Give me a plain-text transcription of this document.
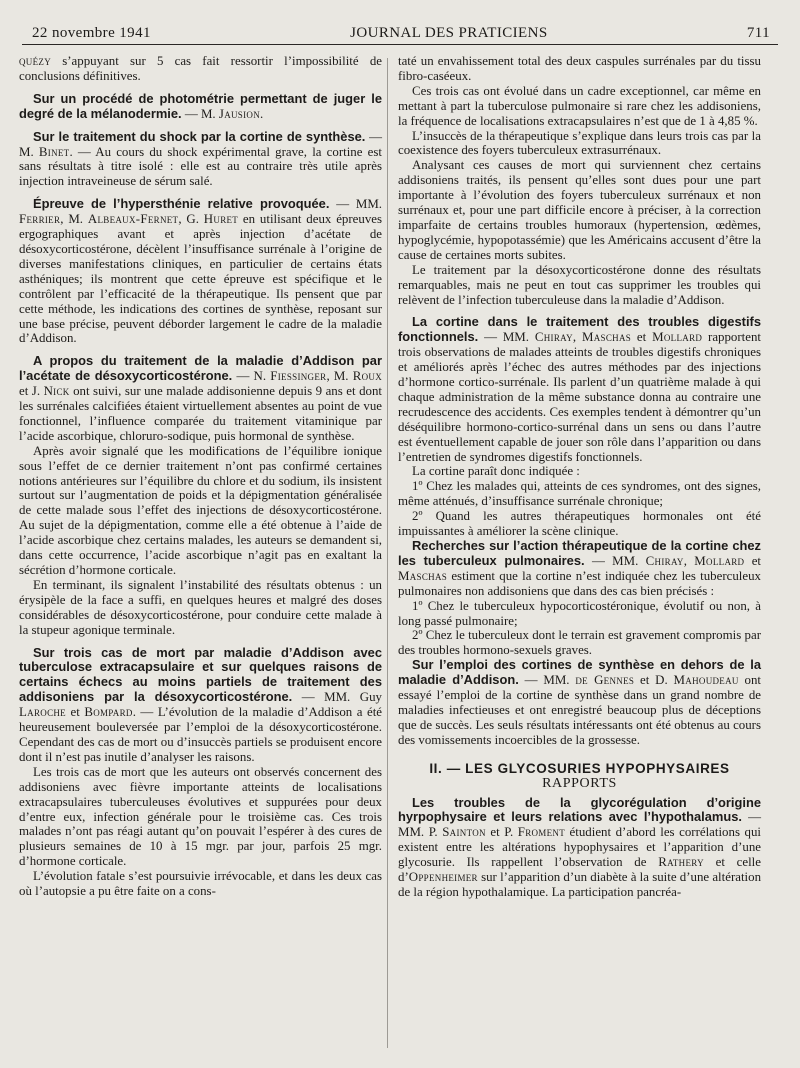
22 novembre 1941	JOURNAL DES PRATICIENS	711

quézy s’appuyant sur 5 cas fait ressortir l’impossibilité de conclusions définitives.

Sur un procédé de photométrie permettant de juger le degré de la mélanodermie. — M. Jausion.

Sur le traitement du shock par la cortine de synthèse. — M. Binet. — Au cours du shock expérimental grave, la cortine est sans résultats à titre isolé : elle est au contraire très utile après injection intraveineuse de sérum salé.

Épreuve de l’hypersthénie relative provoquée. — MM. Ferrier, M. Albeaux-Fernet, G. Huret en utilisant deux épreuves ergographiques avant et après injection d’acétate de désoxycorticostérone, décèlent l’insuffisance surrénale à l’origine de diverses manifestations cliniques, en particulier de certains états asthéniques; ils montrent que cette épreuve est spécifique et le contrôlent par l’efficacité de la thérapeutique. Ils pensent que par cette méthode, les indications des cortines de synthèse, reposant sur une base précise, peuvent déborder largement le cadre de la maladie d’Addison.

A propos du traitement de la maladie d’Addison par l’acétate de désoxycorticostérone. — N. Fiessinger, M. Roux et J. Nick ont suivi, sur une malade addisonienne depuis 9 ans et dont les surrénales calcifiées étaient virtuellement absentes au point de vue fonctionnel, l’influence comparée du traitement vitaminique par l’acide ascorbique, chloruro-sodique, puis hormonal de synthèse.

Après avoir signalé que les modifications de l’équilibre ionique sous l’effet de ce dernier traitement n’ont pas confirmé certaines notions antérieures sur l’équilibre du chlore et du sodium, ils insistent surtout sur l’augmentation de poids et la dépigmentation généralisée de cette malade sous l’effet des injections de désoxycorticostérone. Au sujet de la dépigmentation, comme elle a été obtenue à l’aide de l’acide ascorbique chez certains malades, les auteurs se demandent si, dans cette occurrence, l’acide ascorbique n’agit pas en exaltant la sécrétion d’hormone corticale.

En terminant, ils signalent l’instabilité des résultats obtenus : un érysipèle de la face a suffi, en quelques heures et malgré des doses considérables de désoxycorticostérone, pour conduire cette malade à la stupeur agonique terminale.

Sur trois cas de mort par maladie d’Addison avec tuberculose extracapsulaire et sur quelques raisons de certains échecs au moins partiels de traitement des addisoniens par la désoxycorticostérone. — MM. Guy Laroche et Bompard. — L’évolution de la maladie d’Addison a été heureusement bouleversée par l’emploi de la désoxycorticostérone. Cependant des cas de mort ou d’insuccès partiels se produisent encore dont il n’est pas inutile d’analyser les raisons.

Les trois cas de mort que les auteurs ont observés concernent des addisoniens avec fièvre importante atteints de localisations extracapsulaires tuberculeuses évolutives et suppurées pour deux d’entre eux, infection générale pour le troisième cas. Ces trois malades n’ont pas réagi autant qu’on pouvait l’espérer à des cures de plusieurs semaines de 10 à 15 mgr. par jour, parfois 25 mgr. d’hormone corticale.

L’évolution fatale s’est poursuivie irrévocable, et dans les deux cas où l’autopsie a pu être faite on a cons-

taté un envahissement total des deux caspules surrénales par du tissu fibro-caséeux.

Ces trois cas ont évolué dans un cadre exceptionnel, car même en mettant à part la tuberculose pulmonaire si rare chez les addisoniens, la fréquence de localisations extracapsulaires n’est que de 1 à 4,85 %.

L’insuccès de la thérapeutique s’explique dans leurs trois cas par la coexistence des foyers tuberculeux extrasurrénaux.

Analysant ces causes de mort qui surviennent chez certains addisoniens traités, ils pensent qu’elles sont dues pour une part importante à l’évolution des foyers tuberculeux surrénaux et non surrénaux et, pour une part difficile encore à préciser, à la correction imparfaite de certains troubles humoraux (hypertension, œdèmes, hypoglycémie, hypopotassémie) que les Américains accusent d’être la cause de certaines morts subites.

Le traitement par la désoxycorticostérone donne des résultats remarquables, mais ne peut en tout cas supprimer les troubles qui relèvent de l’infection tuberculeuse dans la maladie d’Addison.

La cortine dans le traitement des troubles digestifs fonctionnels. — MM. Chiray, Maschas et Mollard rapportent trois observations de malades atteints de troubles digestifs chroniques et améliorés après l’échec des autres méthodes par des injections d’hormone cortico-surrénale. Ils parlent d’un quatrième malade à qui chaque administration de la même substance donna au contraire une recrudescence des accidents. Ces exemples tendent à démontrer qu’un déséquilibre hormono-cortico-surrénal dans un sens ou dans l’autre est éventuellement capable de jouer son rôle dans l’apparition ou dans l’entretien de syndromes digestifs fonctionnels.

La cortine paraît donc indiquée :

1º Chez les malades qui, atteints de ces syndromes, ont des signes, même atténués, d’insuffisance surrénale chronique;

2º Quand les autres thérapeutiques hormonales ont été impuissantes à améliorer la scène clinique.

Recherches sur l’action thérapeutique de la cortine chez les tuberculeux pulmonaires. — MM. Chiray, Mollard et Maschas estiment que la cortine n’est indiquée chez les tuberculeux pulmonaires non addisoniens que dans des cas bien précisés :

1º Chez le tuberculeux hypocorticostéronique, évolutif ou non, à long passé pulmonaire;

2º Chez le tuberculeux dont le terrain est gravement compromis par des troubles hormono-sexuels graves.

Sur l’emploi des cortines de synthèse en dehors de la maladie d’Addison. — MM. de Gennes et D. Mahoudeau ont essayé l’emploi de la cortine de synthèse dans un grand nombre de maladies infectieuses et ont enregistré beaucoup plus de déceptions que de succès. Les seuls résultats intéressants ont été obtenus au cours des vomissements incoercibles de la grossesse.

II. — LES GLYCOSURIES HYPOPHYSAIRES
RAPPORTS

Les troubles de la glycorégulation d’origine hyrpophysaire et leurs relations avec l’hypothalamus. — MM. P. Sainton et P. Froment étudient d’abord les corrélations qui existent entre les altérations hypophysaires et l’apparition d’une glycosurie. Ils rappellent l’observation de Rathery et celle d’Oppenheimer sur l’apparition d’un diabète à la suite d’une altération de la région hypothalamique. La participation pancréa-
